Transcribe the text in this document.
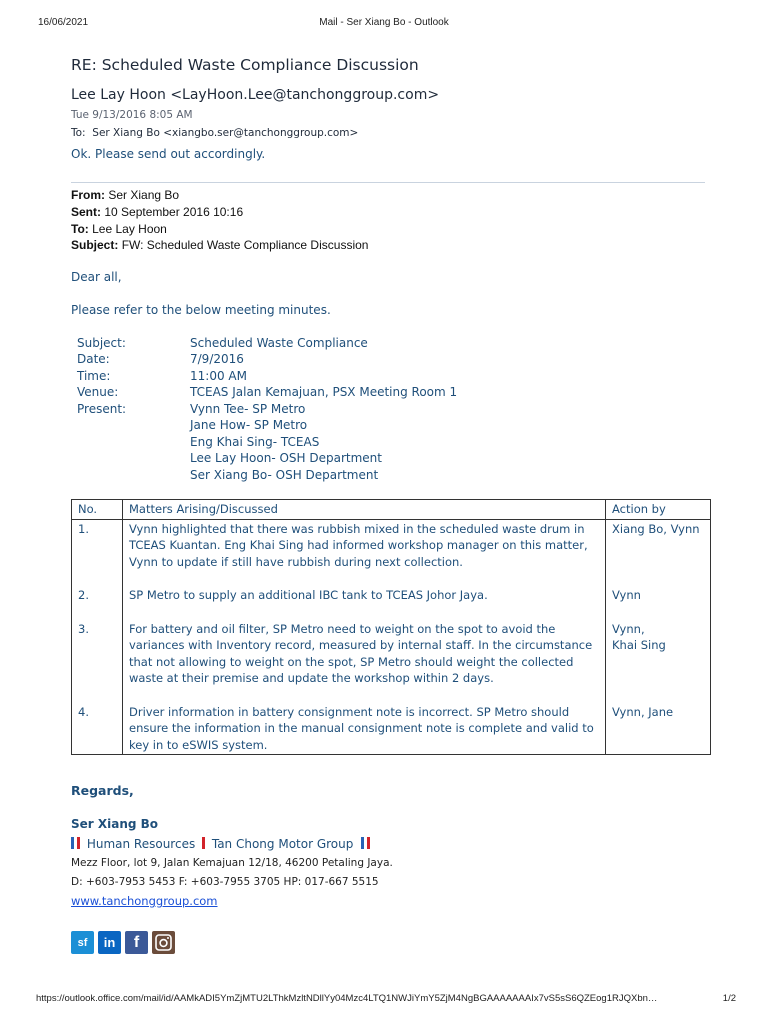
16/06/2021	Mail - Ser Xiang Bo - Outlook
RE: Scheduled Waste Compliance Discussion
Lee Lay Hoon <LayHoon.Lee@tanchonggroup.com>
Tue 9/13/2016 8:05 AM
To: Ser Xiang Bo <xiangbo.ser@tanchonggroup.com>
Ok. Please send out accordingly.
From: Ser Xiang Bo
Sent: 10 September 2016 10:16
To: Lee Lay Hoon
Subject: FW: Scheduled Waste Compliance Discussion
Dear all,
Please refer to the below meeting minutes.
Subject:	Scheduled Waste Compliance
Date:	7/9/2016
Time:	11:00 AM
Venue:	TCEAS Jalan Kemajuan, PSX Meeting Room 1
Present:	Vynn Tee- SP Metro
Jane How- SP Metro
Eng Khai Sing- TCEAS
Lee Lay Hoon- OSH Department
Ser Xiang Bo- OSH Department
No.	Matters Arising/Discussed	Action by
1.	Vynn highlighted that there was rubbish mixed in the scheduled waste drum in TCEAS Kuantan. Eng Khai Sing had informed workshop manager on this matter, Vynn to update if still have rubbish during next collection.	Xiang Bo, Vynn
2.	SP Metro to supply an additional IBC tank to TCEAS Johor Jaya.	Vynn
3.	For battery and oil filter, SP Metro need to weight on the spot to avoid the variances with Inventory record, measured by internal staff. In the circumstance that not allowing to weight on the spot, SP Metro should weight the collected waste at their premise and update the workshop within 2 days.	Vynn,
Khai Sing
4.	Driver information in battery consignment note is incorrect. SP Metro should ensure the information in the manual consignment note is complete and valid to key in to eSWIS system.	Vynn, Jane
Regards,
Ser Xiang Bo
Human Resources Tan Chong Motor Group
Mezz Floor, lot 9, Jalan Kemajuan 12/18, 46200 Petaling Jaya.
D: +603-7953 5453 F: +603-7955 3705 HP: 017-667 5515
www.tanchonggroup.com
sf	in	f
https://outlook.office.com/mail/id/AAMkADI5YmZjMTU2LThkMzltNDllYy04Mzc4LTQ1NWJiYmY5ZjM4NgBGAAAAAAAIx7vS5sS6QZEog1RJQXbn…	1/2
